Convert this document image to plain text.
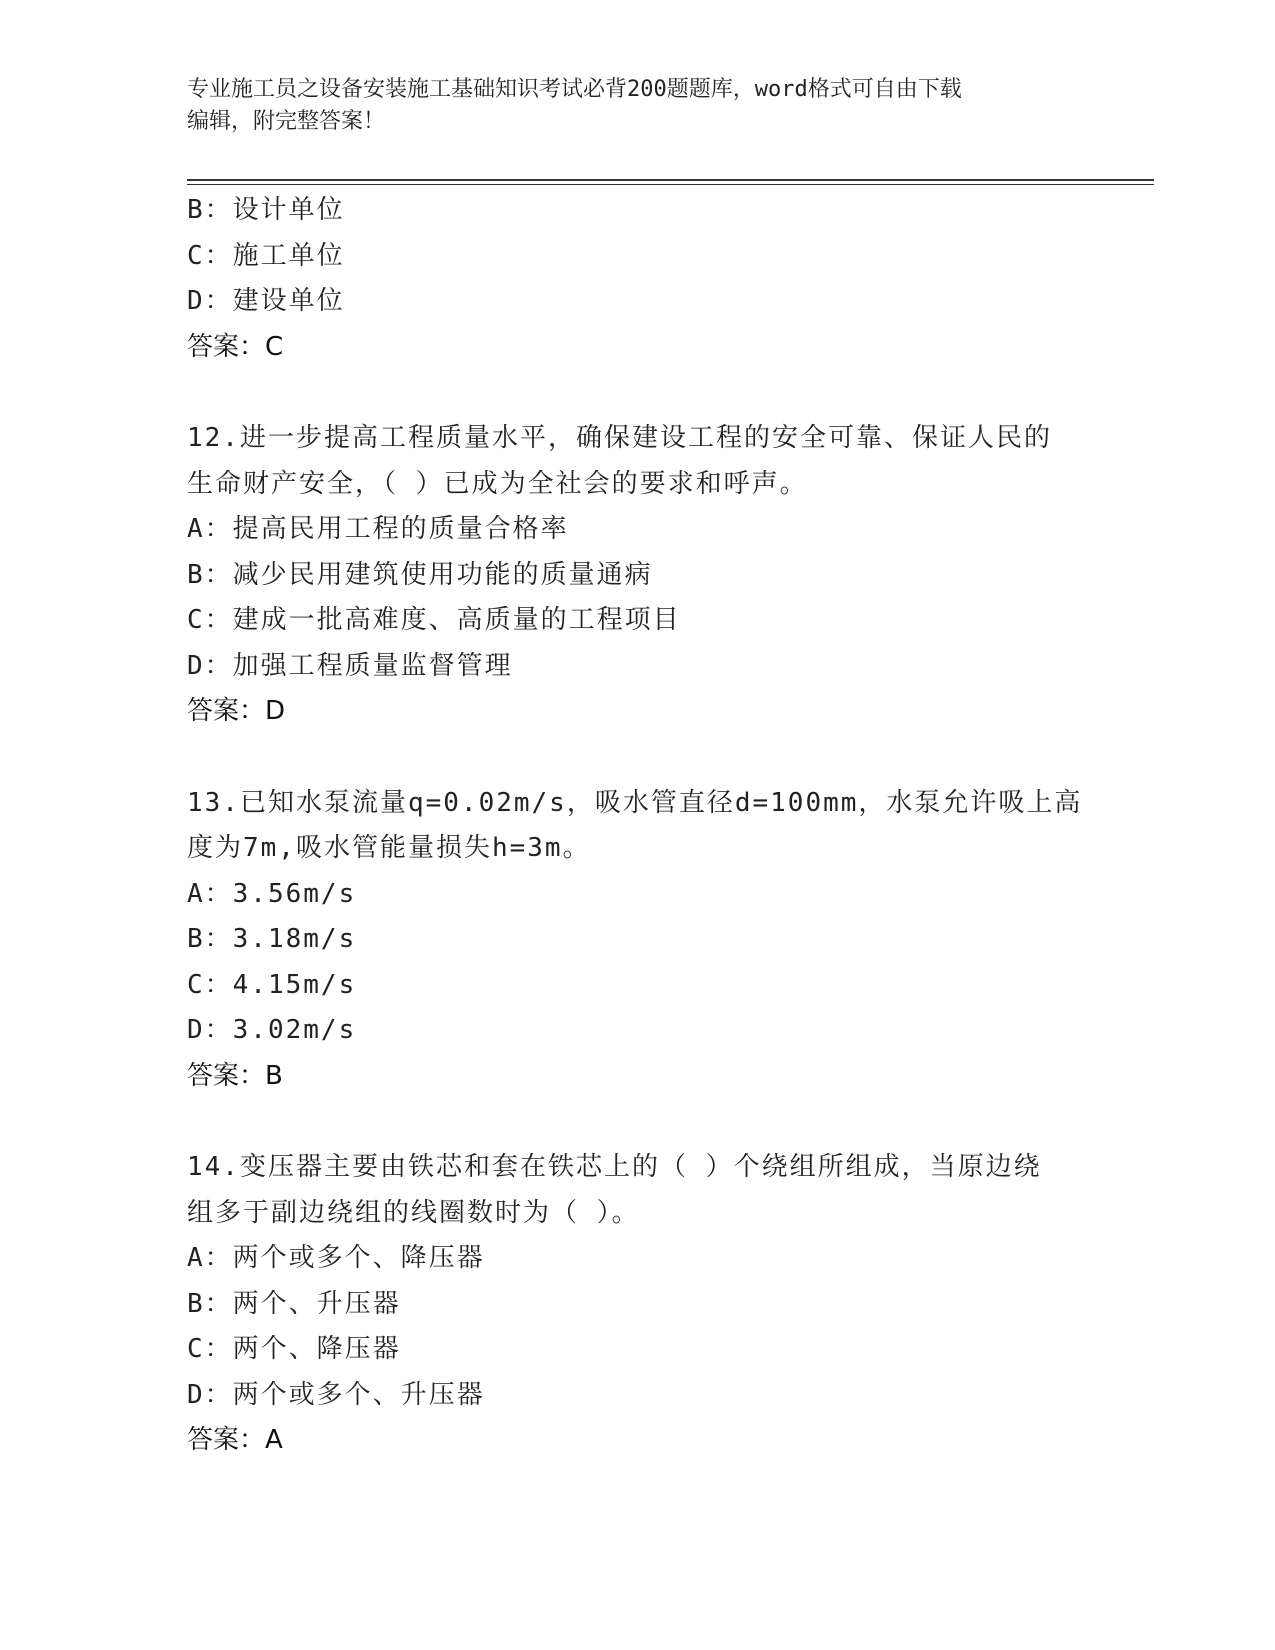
专业施工员之设备安装施工基础知识考试必背200题题库，word格式可自由下载
编辑，附完整答案！
B：设计单位
C：施工单位
D：建设单位
答案：C
12.进一步提高工程质量水平，确保建设工程的安全可靠、保证人民的
生命财产安全，（ ）已成为全社会的要求和呼声。
A：提高民用工程的质量合格率
B：减少民用建筑使用功能的质量通病
C：建成一批高难度、高质量的工程项目
D：加强工程质量监督管理
答案：D
13.已知水泵流量q=0.02m/s，吸水管直径d=100mm，水泵允许吸上高
度为7m,吸水管能量损失h=3m。
A：3.56m/s
B：3.18m/s
C：4.15m/s
D：3.02m/s
答案：B
14.变压器主要由铁芯和套在铁芯上的（ ）个绕组所组成，当原边绕
组多于副边绕组的线圈数时为（ ）。
A：两个或多个、降压器
B：两个、升压器
C：两个、降压器
D：两个或多个、升压器
答案：A
